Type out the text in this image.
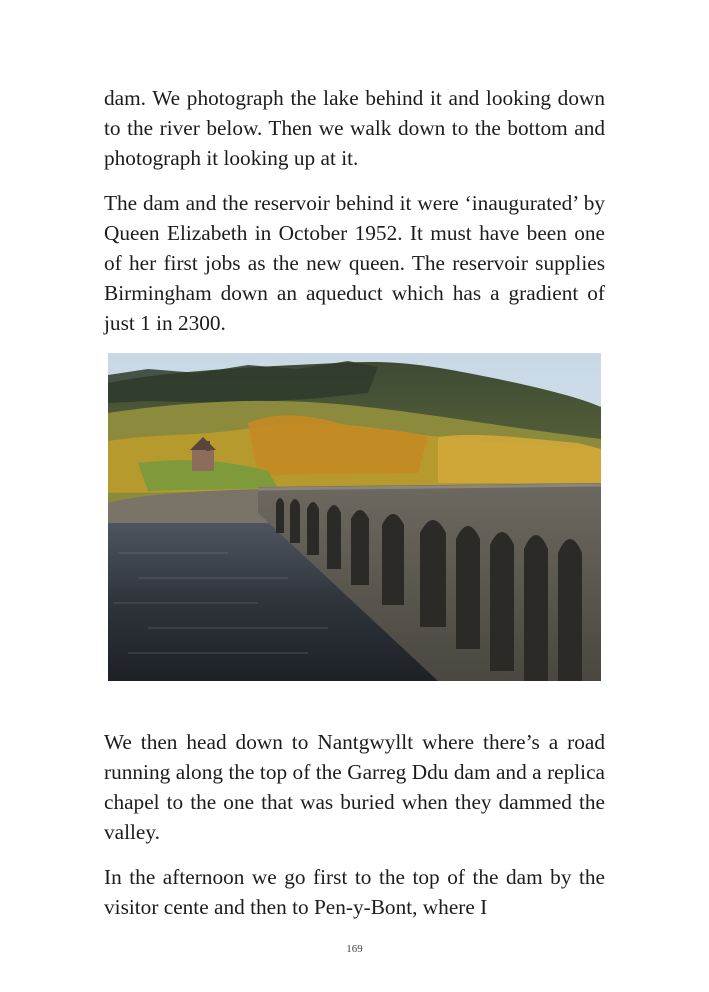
dam. We photograph the lake behind it and looking down to the river below. Then we walk down to the bottom and photograph it looking up at it.

The dam and the reservoir behind it were ‘inaugurated’ by Queen Elizabeth in October 1952. It must have been one of her first jobs as the new queen. The reservoir supplies Birmingham down an aqueduct which has a gradient of just 1 in 2300.

We then head down to Nantgwyllt where there’s a road running along the top of the Garreg Ddu dam and a replica chapel to the one that was buried when they dammed the valley.

In the afternoon we go first to the top of the dam by the visitor cente and then to Pen-y-Bont, where I

169
